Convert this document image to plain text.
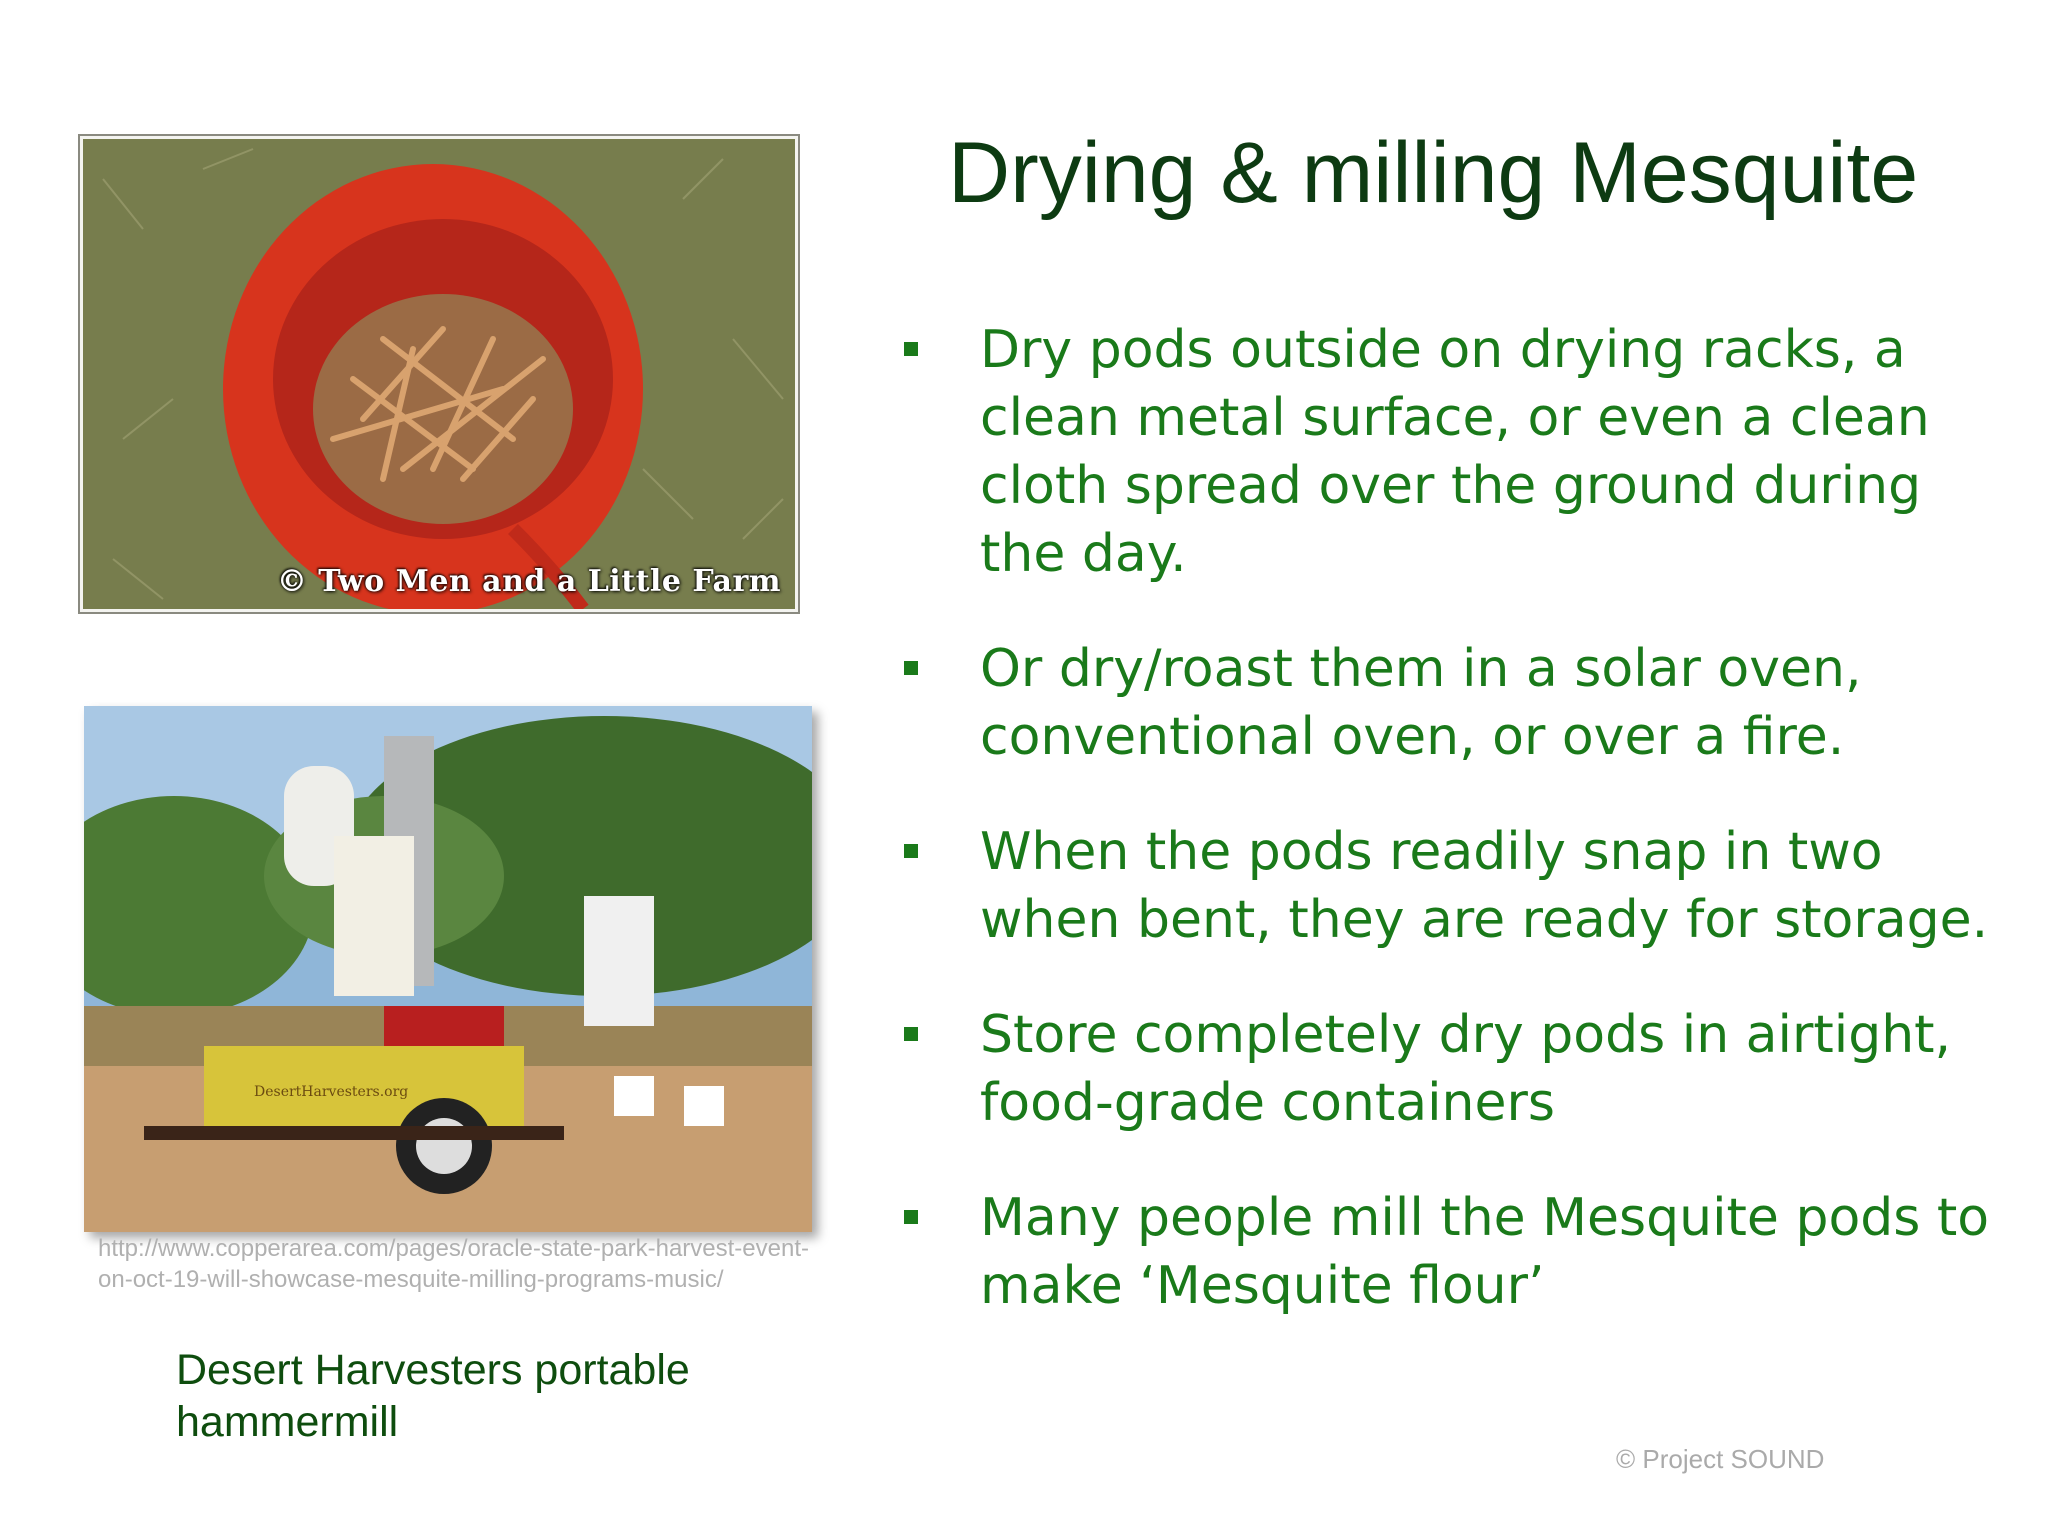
© Two Men and a Little Farm
DesertHarvesters.org
http://www.copperarea.com/pages/oracle-state-park-harvest-event-on-oct-19-will-showcase-mesquite-milling-programs-music/
Desert Harvesters portable hammermill
Drying & milling Mesquite
Dry pods outside on drying racks, a clean metal surface, or even a clean cloth spread over the ground during the day.
Or dry/roast them in a solar oven, conventional oven, or over a fire.
When the pods readily snap in two when bent, they are ready for storage.
Store completely dry pods in airtight, food-grade containers
Many people mill the Mesquite pods to make ‘Mesquite flour’
© Project SOUND
